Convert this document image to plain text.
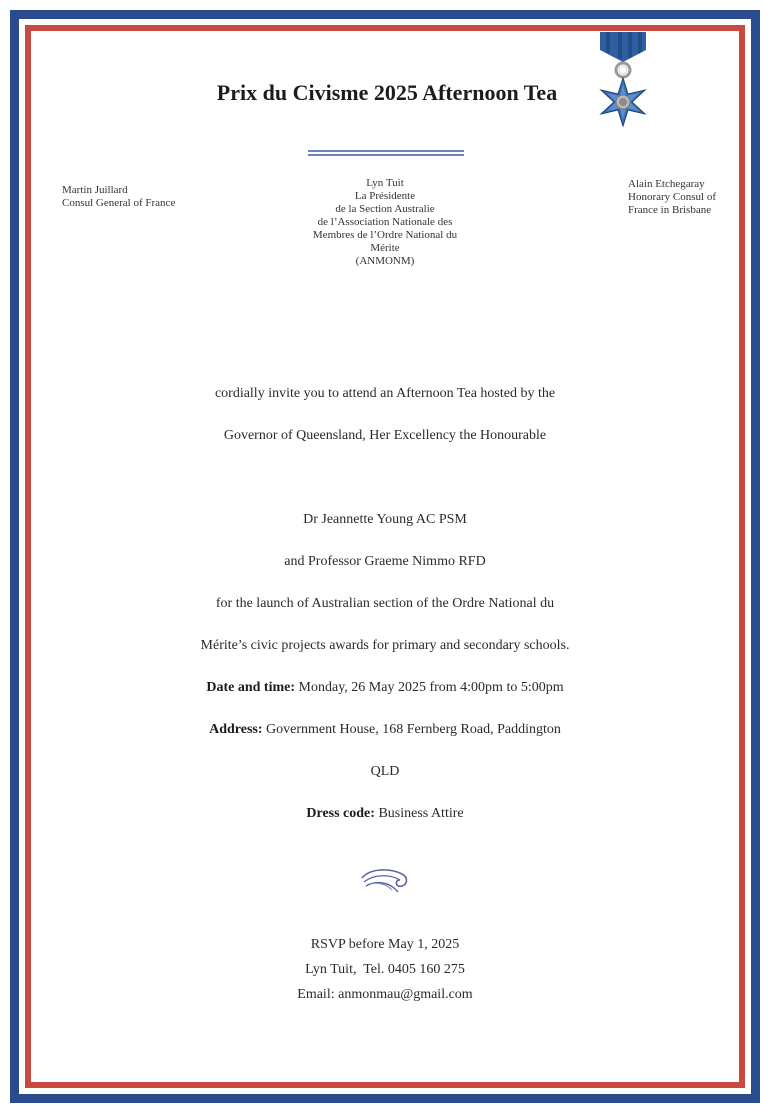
Prix du Civisme 2025 Afternoon Tea
Martin Juillard
Consul General of France
Lyn Tuit
La Présidente
de la Section Australie
de l’Association Nationale des
Membres de l’Ordre National du
Mérite
(ANMONM)
Alain Etchegaray
Honorary Consul of
France in Brisbane
cordially invite you to attend an Afternoon Tea hosted by the
Governor of Queensland, Her Excellency the Honourable
Dr Jeannette Young AC PSM
and Professor Graeme Nimmo RFD
for the launch of Australian section of the Ordre National du
Mérite’s civic projects awards for primary and secondary schools.
Date and time: Monday, 26 May 2025 from 4:00pm to 5:00pm
Address: Government House, 168 Fernberg Road, Paddington
QLD
Dress code: Business Attire
RSVP before May 1, 2025
Lyn Tuit,  Tel. 0405 160 275
Email: anmonmau@gmail.com
